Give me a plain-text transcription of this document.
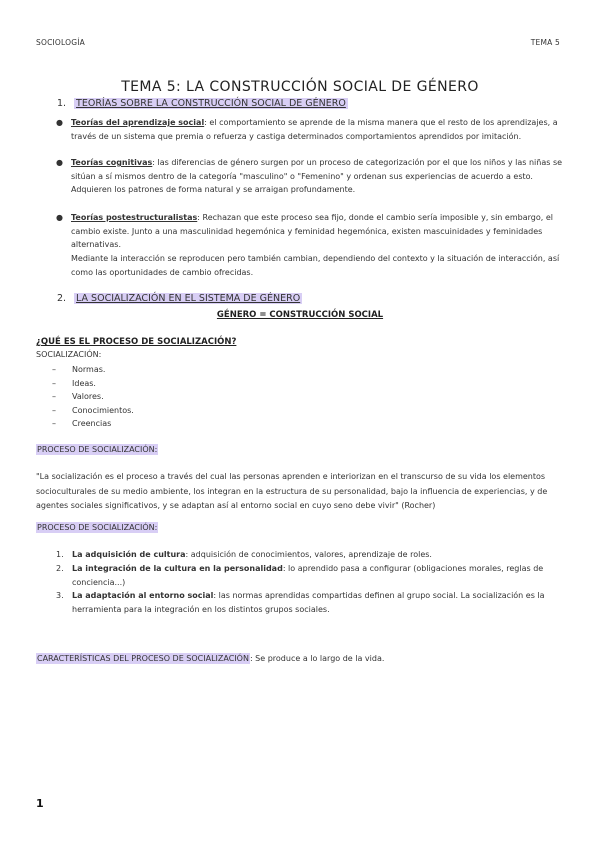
SOCIOLOGÍA	TEMA 5
TEMA 5: LA CONSTRUCCIÓN SOCIAL DE GÉNERO
1. TEORÍAS SOBRE LA CONSTRUCCIÓN SOCIAL DE GÉNERO
● Teorías del aprendizaje social: el comportamiento se aprende de la misma manera que el resto de los aprendizajes, a través de un sistema que premia o refuerza y castiga determinados comportamientos aprendidos por imitación.
● Teorías cognitivas: las diferencias de género surgen por un proceso de categorización por el que los niños y las niñas se sitúan a sí mismos dentro de la categoría "masculino" o "Femenino" y ordenan sus experiencias de acuerdo a esto. Adquieren los patrones de forma natural y se arraigan profundamente.
● Teorías postestructuralistas: Rechazan que este proceso sea fijo, donde el cambio sería imposible y, sin embargo, el cambio existe. Junto a una masculinidad hegemónica y feminidad hegemónica, existen mascuinidades y feminidades alternativas.
Mediante la interacción se reproducen pero también cambian, dependiendo del contexto y la situación de interacción, así como las oportunidades de cambio ofrecidas.
2. LA SOCIALIZACIÓN EN EL SISTEMA DE GÉNERO
GÉNERO = CONSTRUCCIÓN SOCIAL
¿QUÉ ES EL PROCESO DE SOCIALIZACIÓN?
SOCIALIZACIÓN:
– Normas.
– Ideas.
– Valores.
– Conocimientos.
– Creencias
PROCESO DE SOCIALIZACIÓN:
"La socialización es el proceso a través del cual las personas aprenden e interiorizan en el transcurso de su vida los elementos socioculturales de su medio ambiente, los integran en la estructura de su personalidad, bajo la influencia de experiencias, y de agentes sociales significativos, y se adaptan así al entorno social en cuyo seno debe vivir" (Rocher)
PROCESO DE SOCIALIZACIÓN:
1. La adquisición de cultura: adquisición de conocimientos, valores, aprendizaje de roles.
2. La integración de la cultura en la personalidad: lo aprendido pasa a configurar (obligaciones morales, reglas de conciencia...)
3. La adaptación al entorno social: las normas aprendidas compartidas definen al grupo social. La socialización es la herramienta para la integración en los distintos grupos sociales.
CARACTERÍSTICAS DEL PROCESO DE SOCIALIZACIÓN: Se produce a lo largo de la vida.
1
